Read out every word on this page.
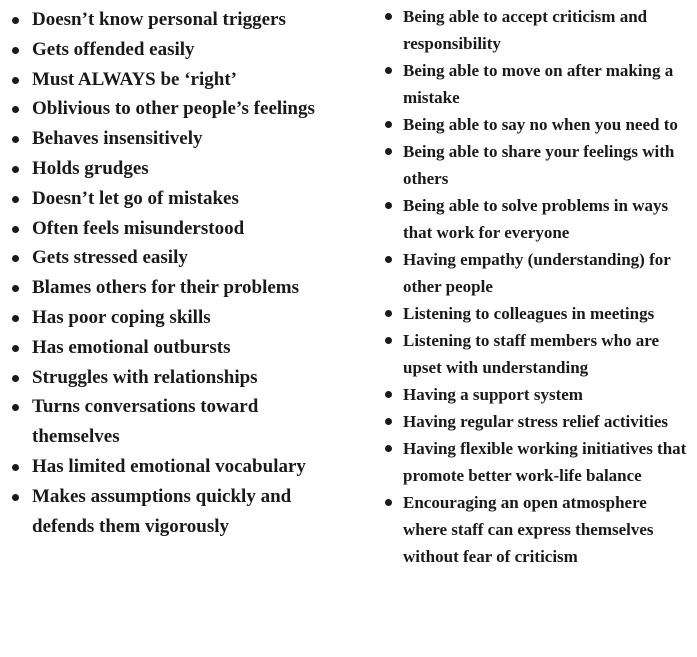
Doesn’t know personal triggers
Gets offended easily
Must ALWAYS be ‘right’
Oblivious to other people’s feelings
Behaves insensitively
Holds grudges
Doesn’t let go of mistakes
Often feels misunderstood
Gets stressed easily
Blames others for their problems
Has poor coping skills
Has emotional outbursts
Struggles with relationships
Turns conversations toward themselves
Has limited emotional vocabulary
Makes assumptions quickly and defends them vigorously
Being able to accept criticism and responsibility
Being able to move on after making a mistake
Being able to say no when you need to
Being able to share your feelings with others
Being able to solve problems in ways that work for everyone
Having empathy (understanding) for other people
Listening to colleagues in meetings
Listening to staff members who are upset with understanding
Having a support system
Having regular stress relief activities
Having flexible working initiatives that promote better work-life balance
Encouraging an open atmosphere where staff can express themselves without fear of criticism
